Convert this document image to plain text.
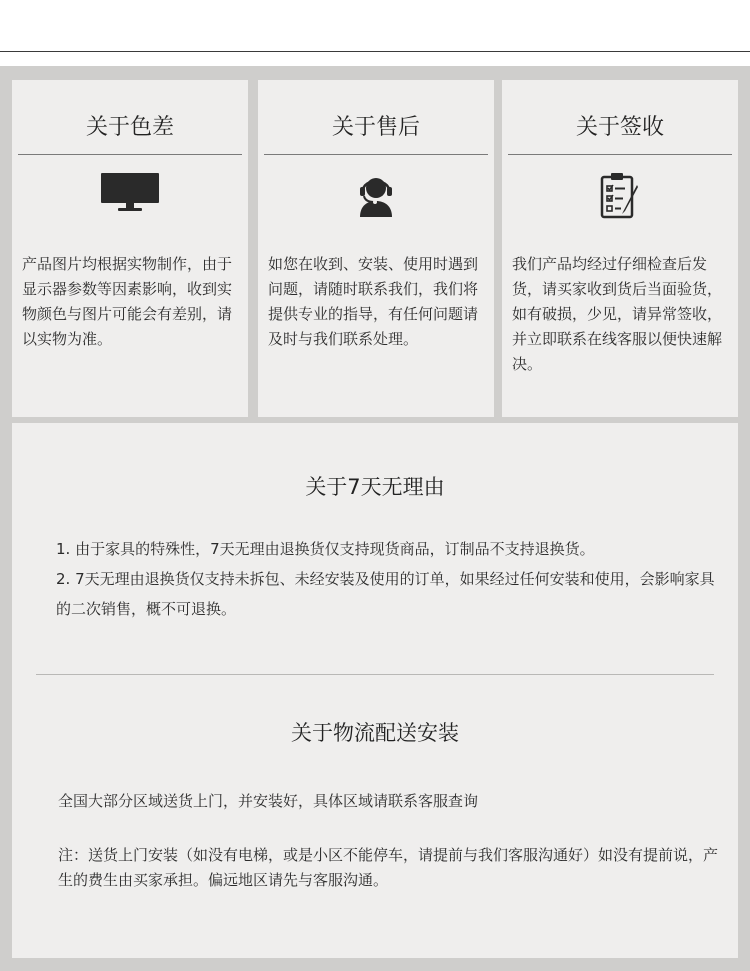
关于色差
产品图片均根据实物制作，由于显示器参数等因素影响，收到实物颜色与图片可能会有差别，请以实物为准。
关于售后
如您在收到、安装、使用时遇到问题，请随时联系我们，我们将提供专业的指导，有任何问题请及时与我们联系处理。
关于签收
我们产品均经过仔细检查后发货，请买家收到货后当面验货，如有破损，少见，请异常签收，并立即联系在线客服以便快速解决。
关于7天无理由
1. 由于家具的特殊性，7天无理由退换货仅支持现货商品，订制品不支持退换货。
2. 7天无理由退换货仅支持未拆包、未经安装及使用的订单，如果经过任何安装和使用，会影响家具的二次销售，概不可退换。
关于物流配送安装
全国大部分区域送货上门，并安装好，具体区域请联系客服查询
注：送货上门安装（如没有电梯，或是小区不能停车，请提前与我们客服沟通好）如没有提前说，产生的费生由买家承担。偏远地区请先与客服沟通。
